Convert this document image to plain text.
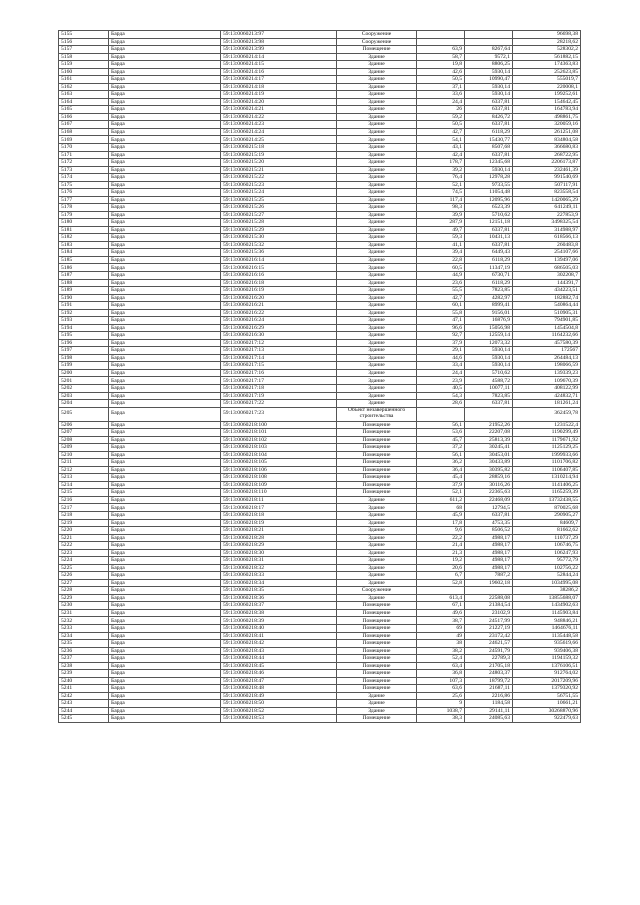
5155	Барда	59:13:0060213:97	Сооружение			96698,38
5156	Барда	59:13:0060213:98	Сооружение			28218,62
5157	Барда	59:13:0060213:99	Помещение	63,9	8267,64	528302,2
5158	Барда	59:13:0060214:14	Здание	58,7	9572,1	561882,15
5159	Барда	59:13:0060214:15	Здание	19,8	8806,25	174363,83
5160	Барда	59:13:0060214:16	Здание	42,6	5930,14	252623,85
5161	Барда	59:13:0060214:17	Здание	50,5	10990,47	555019,7
5162	Барда	59:13:0060214:18	Здание	37,1	5930,14	220008,1
5163	Барда	59:13:0060214:19	Здание	33,6	5930,14	199252,61
5164	Барда	59:13:0060214:20	Здание	24,4	6337,81	154642,45
5165	Барда	59:13:0060214:21	Здание	26	6337,81	164783,94
5166	Барда	59:13:0060214:22	Здание	59,2	8426,72	498861,75
5167	Барда	59:13:0060214:23	Здание	50,5	6337,81	320059,16
5168	Барда	59:13:0060214:24	Здание	42,7	6118,29	261251,08
5169	Барда	59:13:0060214:25	Здание	54,1	15430,77	834804,58
5170	Барда	59:13:0060215:18	Здание	43,1	8507,68	366680,83
5171	Барда	59:13:0060215:19	Здание	42,4	6337,81	268722,95
5172	Барда	59:13:0060215:20	Здание	178,7	12345,68	2206173,87
5173	Барда	59:13:0060215:21	Здание	39,2	5930,14	232461,39
5174	Барда	59:13:0060215:22	Здание	76,4	12978,28	991540,69
5175	Барда	59:13:0060215:23	Здание	52,1	9733,55	507117,91
5176	Барда	59:13:0060215:24	Здание	74,5	11054,48	823558,54
5177	Барда	59:13:0060215:25	Здание	117,4	12095,96	1420065,29
5178	Барда	59:13:0060215:26	Здание	98,3	6523,39	641249,11
5179	Барда	59:13:0060215:27	Здание	39,9	5710,62	227853,9
5180	Барда	59:13:0060215:28	Здание	287,9	12151,18	3498325,54
5181	Барда	59:13:0060215:29	Здание	49,7	6337,81	314988,97
5182	Барда	59:13:0060215:30	Здание	59,3	10431,13	618566,13
5183	Барда	59:13:0060215:32	Здание	41,1	6337,81	260483,8
5184	Барда	59:13:0060215:36	Здание	39,4	6449,43	254107,66
5185	Барда	59:13:0060216:14	Здание	22,8	6118,29	139497,06
5186	Барда	59:13:0060216:15	Здание	60,5	11347,19	686505,03
5187	Барда	59:13:0060216:16	Здание	44,9	6730,71	302208,7
5188	Барда	59:13:0060216:18	Здание	23,6	6118,29	144391,7
5189	Барда	59:13:0060216:19	Здание	55,5	7823,85	434223,51
5190	Барда	59:13:0060216:20	Здание	42,7	4282,97	182882,74
5191	Барда	59:13:0060216:21	Здание	60,1	8999,41	540864,44
5192	Барда	59:13:0060216:22	Здание	55,8	9156,01	510905,31
5193	Барда	59:13:0060216:24	Здание	47,1	16876,9	794901,85
5194	Барда	59:13:0060216:29	Здание	96,6	15056,98	1454504,8
5195	Барда	59:13:0060216:30	Здание	92,7	12559,14	1164232,66
5196	Барда	59:13:0060217:12	Здание	37,9	12073,32	457580,39
5197	Барда	59:13:0060217:13	Здание	29,1	5930,14	172567
5198	Барда	59:13:0060217:14	Здание	44,6	5930,14	264484,13
5199	Барда	59:13:0060217:15	Здание	33,4	5930,14	198066,59
5200	Барда	59:13:0060217:16	Здание	24,4	5710,62	139339,23
5201	Барда	59:13:0060217:17	Здание	23,9	4588,72	109670,39
5202	Барда	59:13:0060217:18	Здание	40,5	10077,11	408122,99
5203	Барда	59:13:0060217:19	Здание	54,3	7823,85	424832,71
5204	Барда	59:13:0060217:22	Здание	28,6	6337,81	181261,24
5205	Барда	59:13:0060217:23	Объект незавершенного строительства			362459,78
5206	Барда	59:13:0060218:100	Помещение	56,1	21952,26	1231522,4
5207	Барда	59:13:0060218:101	Помещение	53,6	22207,08	1190299,49
5208	Барда	59:13:0060218:102	Помещение	45,7	25813,39	1179671,92
5209	Барда	59:13:0060218:103	Помещение	37,2	30245,41	1125129,25
5210	Барда	59:13:0060218:104	Помещение	56,1	30453,01	1999933,66
5211	Барда	59:13:0060218:105	Помещение	36,2	30433,89	1101706,82
5212	Барда	59:13:0060218:106	Помещение	36,4	30395,82	1106407,85
5213	Барда	59:13:0060218:108	Помещение	45,4	28859,16	1310214,94
5214	Барда	59:13:0060218:109	Помещение	37,9	30116,26	1141406,25
5215	Барда	59:13:0060218:110	Помещение	52,1	22365,63	1165259,39
5216	Барда	59:13:0060218:11	Здание	611,2	22468,09	13732438,55
5217	Барда	59:13:0060218:17	Здание	68	12794,5	870025,68
5218	Барда	59:13:0060218:18	Здание	45,9	6337,81	290905,27
5219	Барда	59:13:0060218:19	Здание	17,8	4753,35	84609,7
5220	Барда	59:13:0060218:21	Здание	9,6	8506,52	81662,62
5221	Барда	59:13:0060218:28	Здание	22,2	4988,17	110737,29
5222	Барда	59:13:0060218:29	Здание	21,4	4988,17	106746,75
5223	Барда	59:13:0060218:30	Здание	21,3	4988,17	106247,93
5224	Барда	59:13:0060218:31	Здание	19,2	4988,17	95772,79
5225	Барда	59:13:0060218:32	Здание	20,6	4988,17	102756,22
5226	Барда	59:13:0060218:33	Здание	6,7	7887,2	52844,24
5227	Барда	59:13:0060218:34	Здание	52,8	19602,18	1034995,08
5228	Барда	59:13:0060218:35	Сооружение			38286,2
5229	Барда	59:13:0060218:36	Здание	613,4	22588,08	13855688,07
5230	Барда	59:13:0060218:37	Помещение	67,1	21384,54	1434902,63
5231	Барда	59:13:0060218:38	Помещение	49,6	23102,9	1145903,84
5232	Барда	59:13:0060218:39	Помещение	38,7	24517,99	948846,21
5233	Барда	59:13:0060218:40	Помещение	69	21227,19	1464676,11
5234	Барда	59:13:0060218:41	Помещение	49	23172,42	1135448,58
5235	Барда	59:13:0060218:42	Помещение	38	24621,57	935619,66
5236	Барда	59:13:0060218:43	Помещение	38,2	24591,79	939406,38
5237	Барда	59:13:0060218:44	Помещение	52,4	22789,3	1194159,32
5238	Барда	59:13:0060218:45	Помещение	63,4	21705,18	1376106,51
5239	Барда	59:13:0060218:46	Помещение	36,8	24803,37	912764,02
5240	Барда	59:13:0060218:47	Помещение	107,3	18799,72	2017209,96
5241	Барда	59:13:0060218:48	Помещение	63,6	21687,11	1379320,92
5242	Барда	59:13:0060218:49	Здание	25,6	2216,86	56751,55
5243	Барда	59:13:0060218:50	Здание	9	1184,58	10661,21
5244	Барда	59:13:0060218:52	Здание	1038,7	29141,11	30268870,96
5245	Барда	59:13:0060218:53	Помещение	38,3	24085,63	922479,63
